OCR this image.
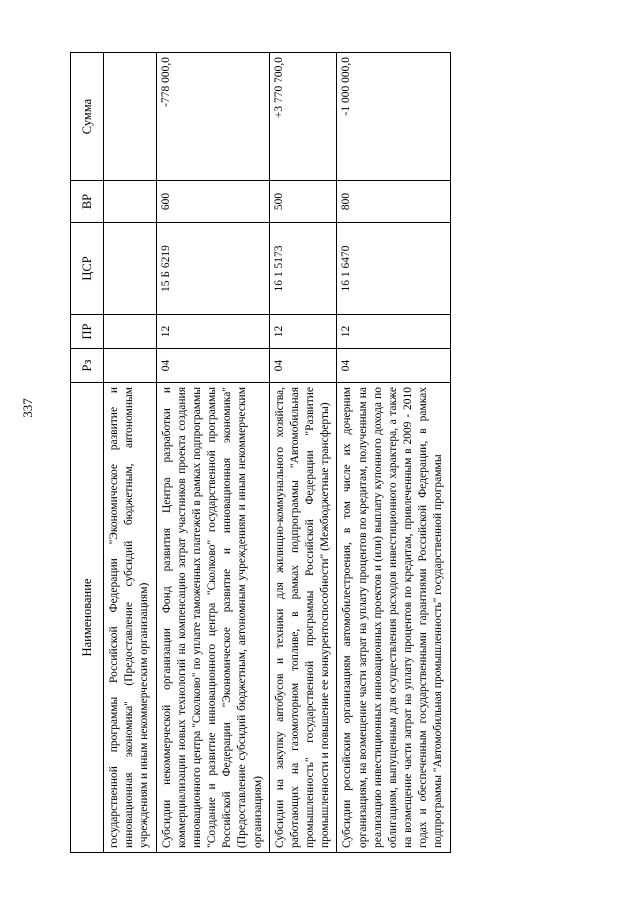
337
Наименование	Рз	ПР	ЦСР	ВР	Сумма
государственной программы Российской Федерации "Экономическое развитие и инновационная экономика" (Предоставление субсидий бюджетным, автономным учреждениям и иным некоммерческим организациям)					
Субсидии некоммерческой организации Фонд развития Центра разработки и коммерциализации новых технологий на компенсацию затрат участников проекта создания инновационного центра "Сколково" по уплате таможенных платежей в рамках подпрограммы "Создание и развитие инновационного центра "Сколково" государственной программы Российской Федерации "Экономическое развитие и инновационная экономика" (Предоставление субсидий бюджетным, автономным учреждениям и иным некоммерческим организациям)	04	12	15 Б 6219	600	-778 000,0
Субсидии на закупку автобусов и техники для жилищно-коммунального хозяйства, работающих на газомоторном топливе, в рамках подпрограммы "Автомобильная промышленность" государственной программы Российской Федерации "Развитие промышленности и повышение ее конкурентоспособности" (Межбюджетные трансферты)	04	12	16 1 5173	500	+3 770 700,0
Субсидии российским организациям автомобилестроения, в том числе их дочерним организациям, на возмещение части затрат на уплату процентов по кредитам, полученным на реализацию инвестиционных инновационных проектов и (или) выплату купонного дохода по облигациям, выпущенным для осуществления расходов инвестиционного характера, а также на возмещение части затрат на уплату процентов по кредитам, привлеченным в 2009 - 2010 годах и обеспеченным государственными гарантиями Российской Федерации, в рамках подпрограммы "Автомобильная промышленность" государственной программы	04	12	16 1 6470	800	-1 000 000,0
